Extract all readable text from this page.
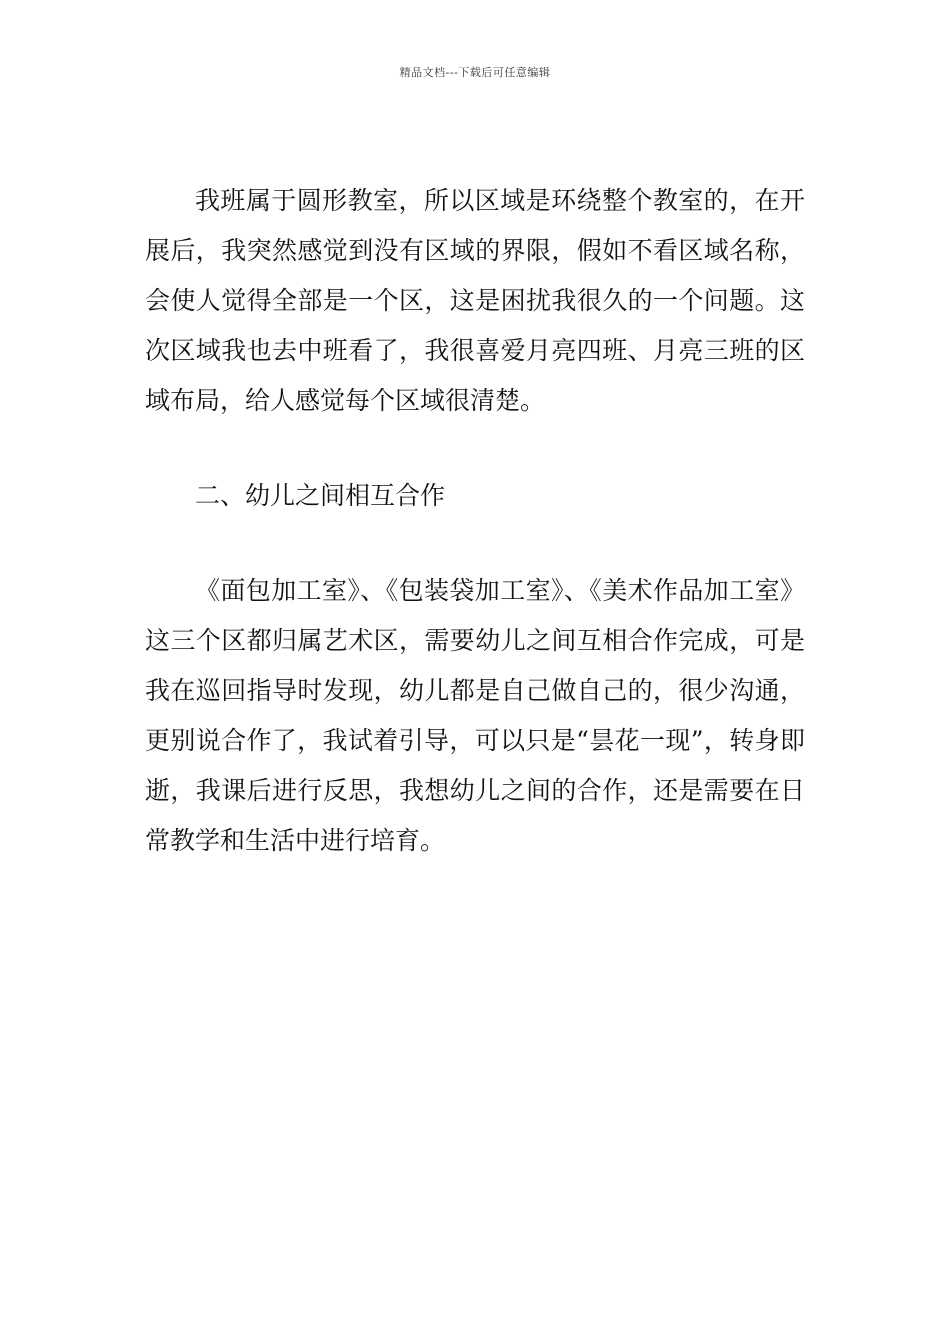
精品文档---下载后可任意编辑

我班属于圆形教室，所以区域是环绕整个教室的，在开展后，我突然感觉到没有区域的界限，假如不看区域名称，会使人觉得全部是一个区，这是困扰我很久的一个问题。这次区域我也去中班看了，我很喜爱月亮四班、月亮三班的区域布局，给人感觉每个区域很清楚。

二、幼儿之间相互合作

《面包加工室》、《包装袋加工室》、《美术作品加工室》这三个区都归属艺术区，需要幼儿之间互相合作完成，可是我在巡回指导时发现，幼儿都是自己做自己的，很少沟通，更别说合作了，我试着引导，可以只是“昙花一现”，转身即逝，我课后进行反思，我想幼儿之间的合作，还是需要在日常教学和生活中进行培育。
